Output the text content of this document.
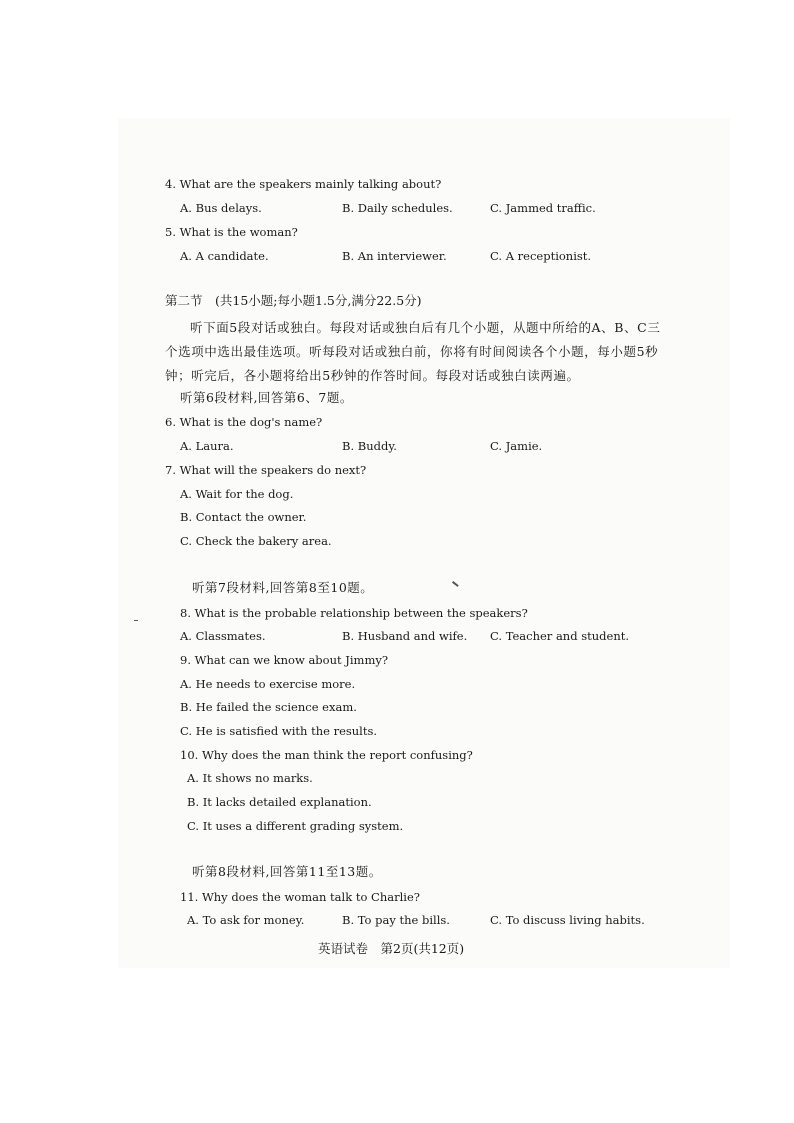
4. What are the speakers mainly talking about?
A. Bus delays.	B. Daily schedules.	C. Jammed traffic.
5. What is the woman?
A. A candidate.	B. An interviewer.	C. A receptionist.
第二节　(共15小题;每小题1.5分,满分22.5分)
听下面5段对话或独白。每段对话或独白后有几个小题，从题中所给的A、B、C三个选项中选出最佳选项。听每段对话或独白前，你将有时间阅读各个小题，每小题5秒钟；听完后，各小题将给出5秒钟的作答时间。每段对话或独白读两遍。
听第6段材料,回答第6、7题。
6. What is the dog's name?
A. Laura.	B. Buddy.	C. Jamie.
7. What will the speakers do next?
A. Wait for the dog.
B. Contact the owner.
C. Check the bakery area.
听第7段材料,回答第8至10题。
8. What is the probable relationship between the speakers?
A. Classmates.	B. Husband and wife. C. Teacher and student.
9. What can we know about Jimmy?
A. He needs to exercise more.
B. He failed the science exam.
C. He is satisfied with the results.
10. Why does the man think the report confusing?
A. It shows no marks.
B. It lacks detailed explanation.
C. It uses a different grading system.
听第8段材料,回答第11至13题。
11. Why does the woman talk to Charlie?
A. To ask for money.	B. To pay the bills.	C. To discuss living habits.
英语试卷　第2页(共12页)
